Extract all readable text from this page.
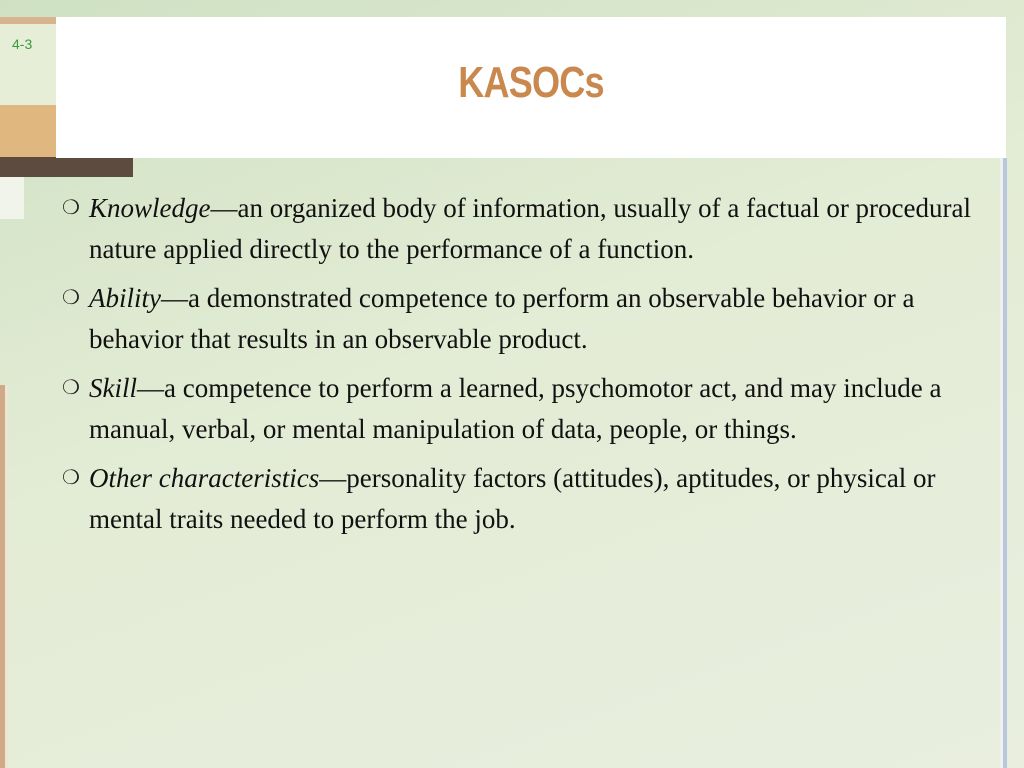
4-3
KASOCs
❍ Knowledge—an organized body of information, usually of a factual or procedural nature applied directly to the performance of a function.
❍ Ability—a demonstrated competence to perform an observable behavior or a behavior that results in an observable product.
❍ Skill—a competence to perform a learned, psychomotor act, and may include a manual, verbal, or mental manipulation of data, people, or things.
❍ Other characteristics—personality factors (attitudes), aptitudes, or physical or mental traits needed to perform the job.
